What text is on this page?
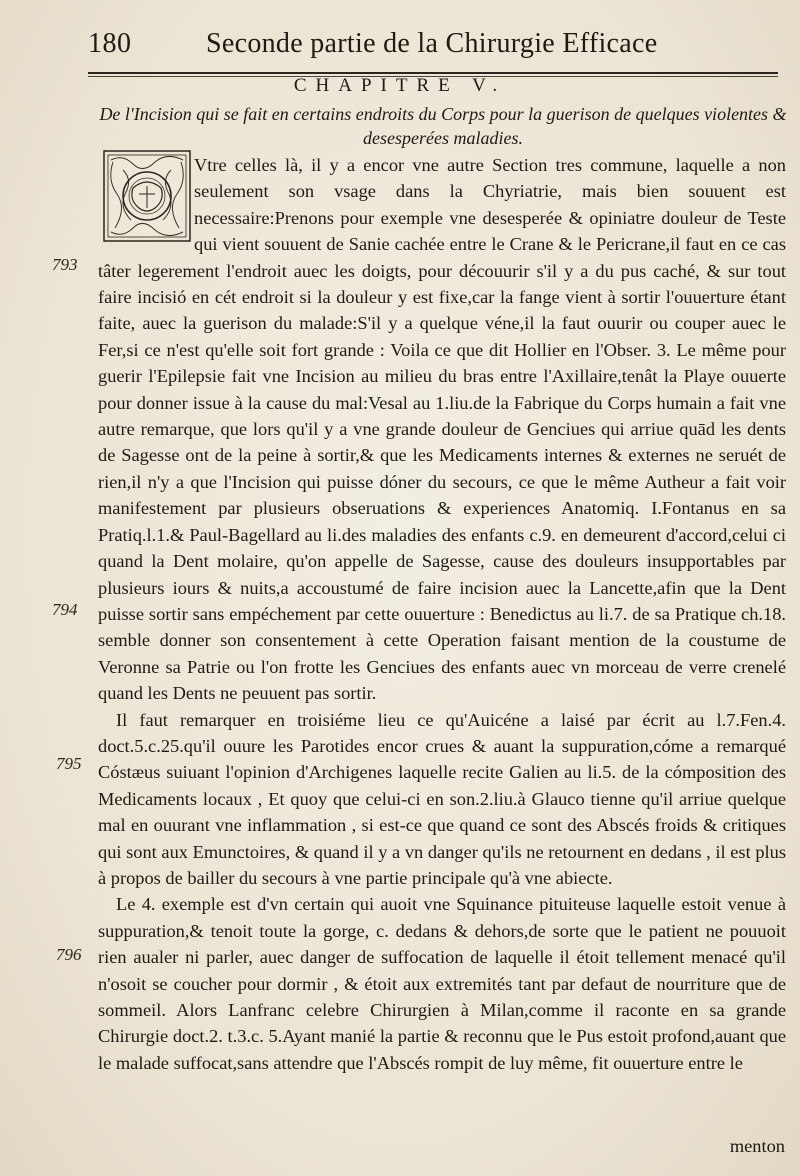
180	Seconde partie de la Chirurgie Efficace
CHAPITRE V.
De l'Incision qui se fait en certains endroits du Corps pour la guerison de quelques violentes & desesperées maladies.
793
794
795
796

Vtre celles là, il y a encor vne autre Section tres commune, laquelle a non seulement son vsage dans la Chyriatrie, mais bien souuent est necessaire:Prenons pour exemple vne desesperée & opiniatre douleur de Teste qui vient souuent de Sanie cachée entre le Crane & le Pericrane,il faut en ce cas tâter legerement l'endroit auec les doigts, pour découurir s'il y a du pus caché, & sur tout faire incisió en cét endroit si la douleur y est fixe,car la fange vient à sortir l'ouuerture étant faite, auec la guerison du malade:S'il y a quelque véne,il la faut ouurir ou couper auec le Fer,si ce n'est qu'elle soit fort grande : Voila ce que dit Hollier en l'Obser. 3. Le même pour guerir l'Epilepsie fait vne Incision au milieu du bras entre l'Axillaire,tenât la Playe ouuerte pour donner issue à la cause du mal:Vesal au 1.liu.de la Fabrique du Corps humain a fait vne autre remarque, que lors qu'il y a vne grande douleur de Genciues qui arriue quād les dents de Sagesse ont de la peine à sortir,& que les Medicaments internes & externes ne seruét de rien,il n'y a que l'Incision qui puisse dóner du secours, ce que le même Autheur a fait voir manifestement par plusieurs obseruations & experiences Anatomiq. I.Fontanus en sa Pratiq.l.1.& Paul-Bagellard au li.des maladies des enfants c.9. en demeurent d'accord,celui ci quand la Dent molaire, qu'on appelle de Sagesse, cause des douleurs insupportables par plusieurs iours & nuits,a accoustumé de faire incision auec la Lancette,afin que la Dent puisse sortir sans empéchement par cette ouuerture : Benedictus au li.7. de sa Pratique ch.18. semble donner son consentement à cette Operation faisant mention de la coustume de Veronne sa Patrie ou l'on frotte les Genciues des enfants auec vn morceau de verre crenelé quand les Dents ne peuuent pas sortir.

Il faut remarquer en troisiéme lieu ce qu'Auicéne a laisé par écrit au l.7.Fen.4. doct.5.c.25.qu'il ouure les Parotides encor crues & auant la suppuration,cóme a remarqué Cóstæus suiuant l'opinion d'Archigenes laquelle recite Galien au li.5. de la cómposition des Medicaments locaux , Et quoy que celui-ci en son.2.liu.à Glauco tienne qu'il arriue quelque mal en ouurant vne inflammation , si est-ce que quand ce sont des Abscés froids & critiques qui sont aux Emunctoires, & quand il y a vn danger qu'ils ne retournent en dedans , il est plus à propos de bailler du secours à vne partie principale qu'à vne abiecte.

Le 4. exemple est d'vn certain qui auoit vne Squinance pituiteuse laquelle estoit venue à suppuration,& tenoit toute la gorge, c. dedans & dehors,de sorte que le patient ne pouuoit rien aualer ni parler, auec danger de suffocation de laquelle il étoit tellement menacé qu'il n'osoit se coucher pour dormir , & étoit aux extremités tant par defaut de nourriture que de sommeil. Alors Lanfranc celebre Chirurgien à Milan,comme il raconte en sa grande Chirurgie doct.2. t.3.c. 5.Ayant manié la partie & reconnu que le Pus estoit profond,auant que le malade suffocat,sans attendre que l'Abscés rompit de luy même, fit ouuerture entre le

menton
